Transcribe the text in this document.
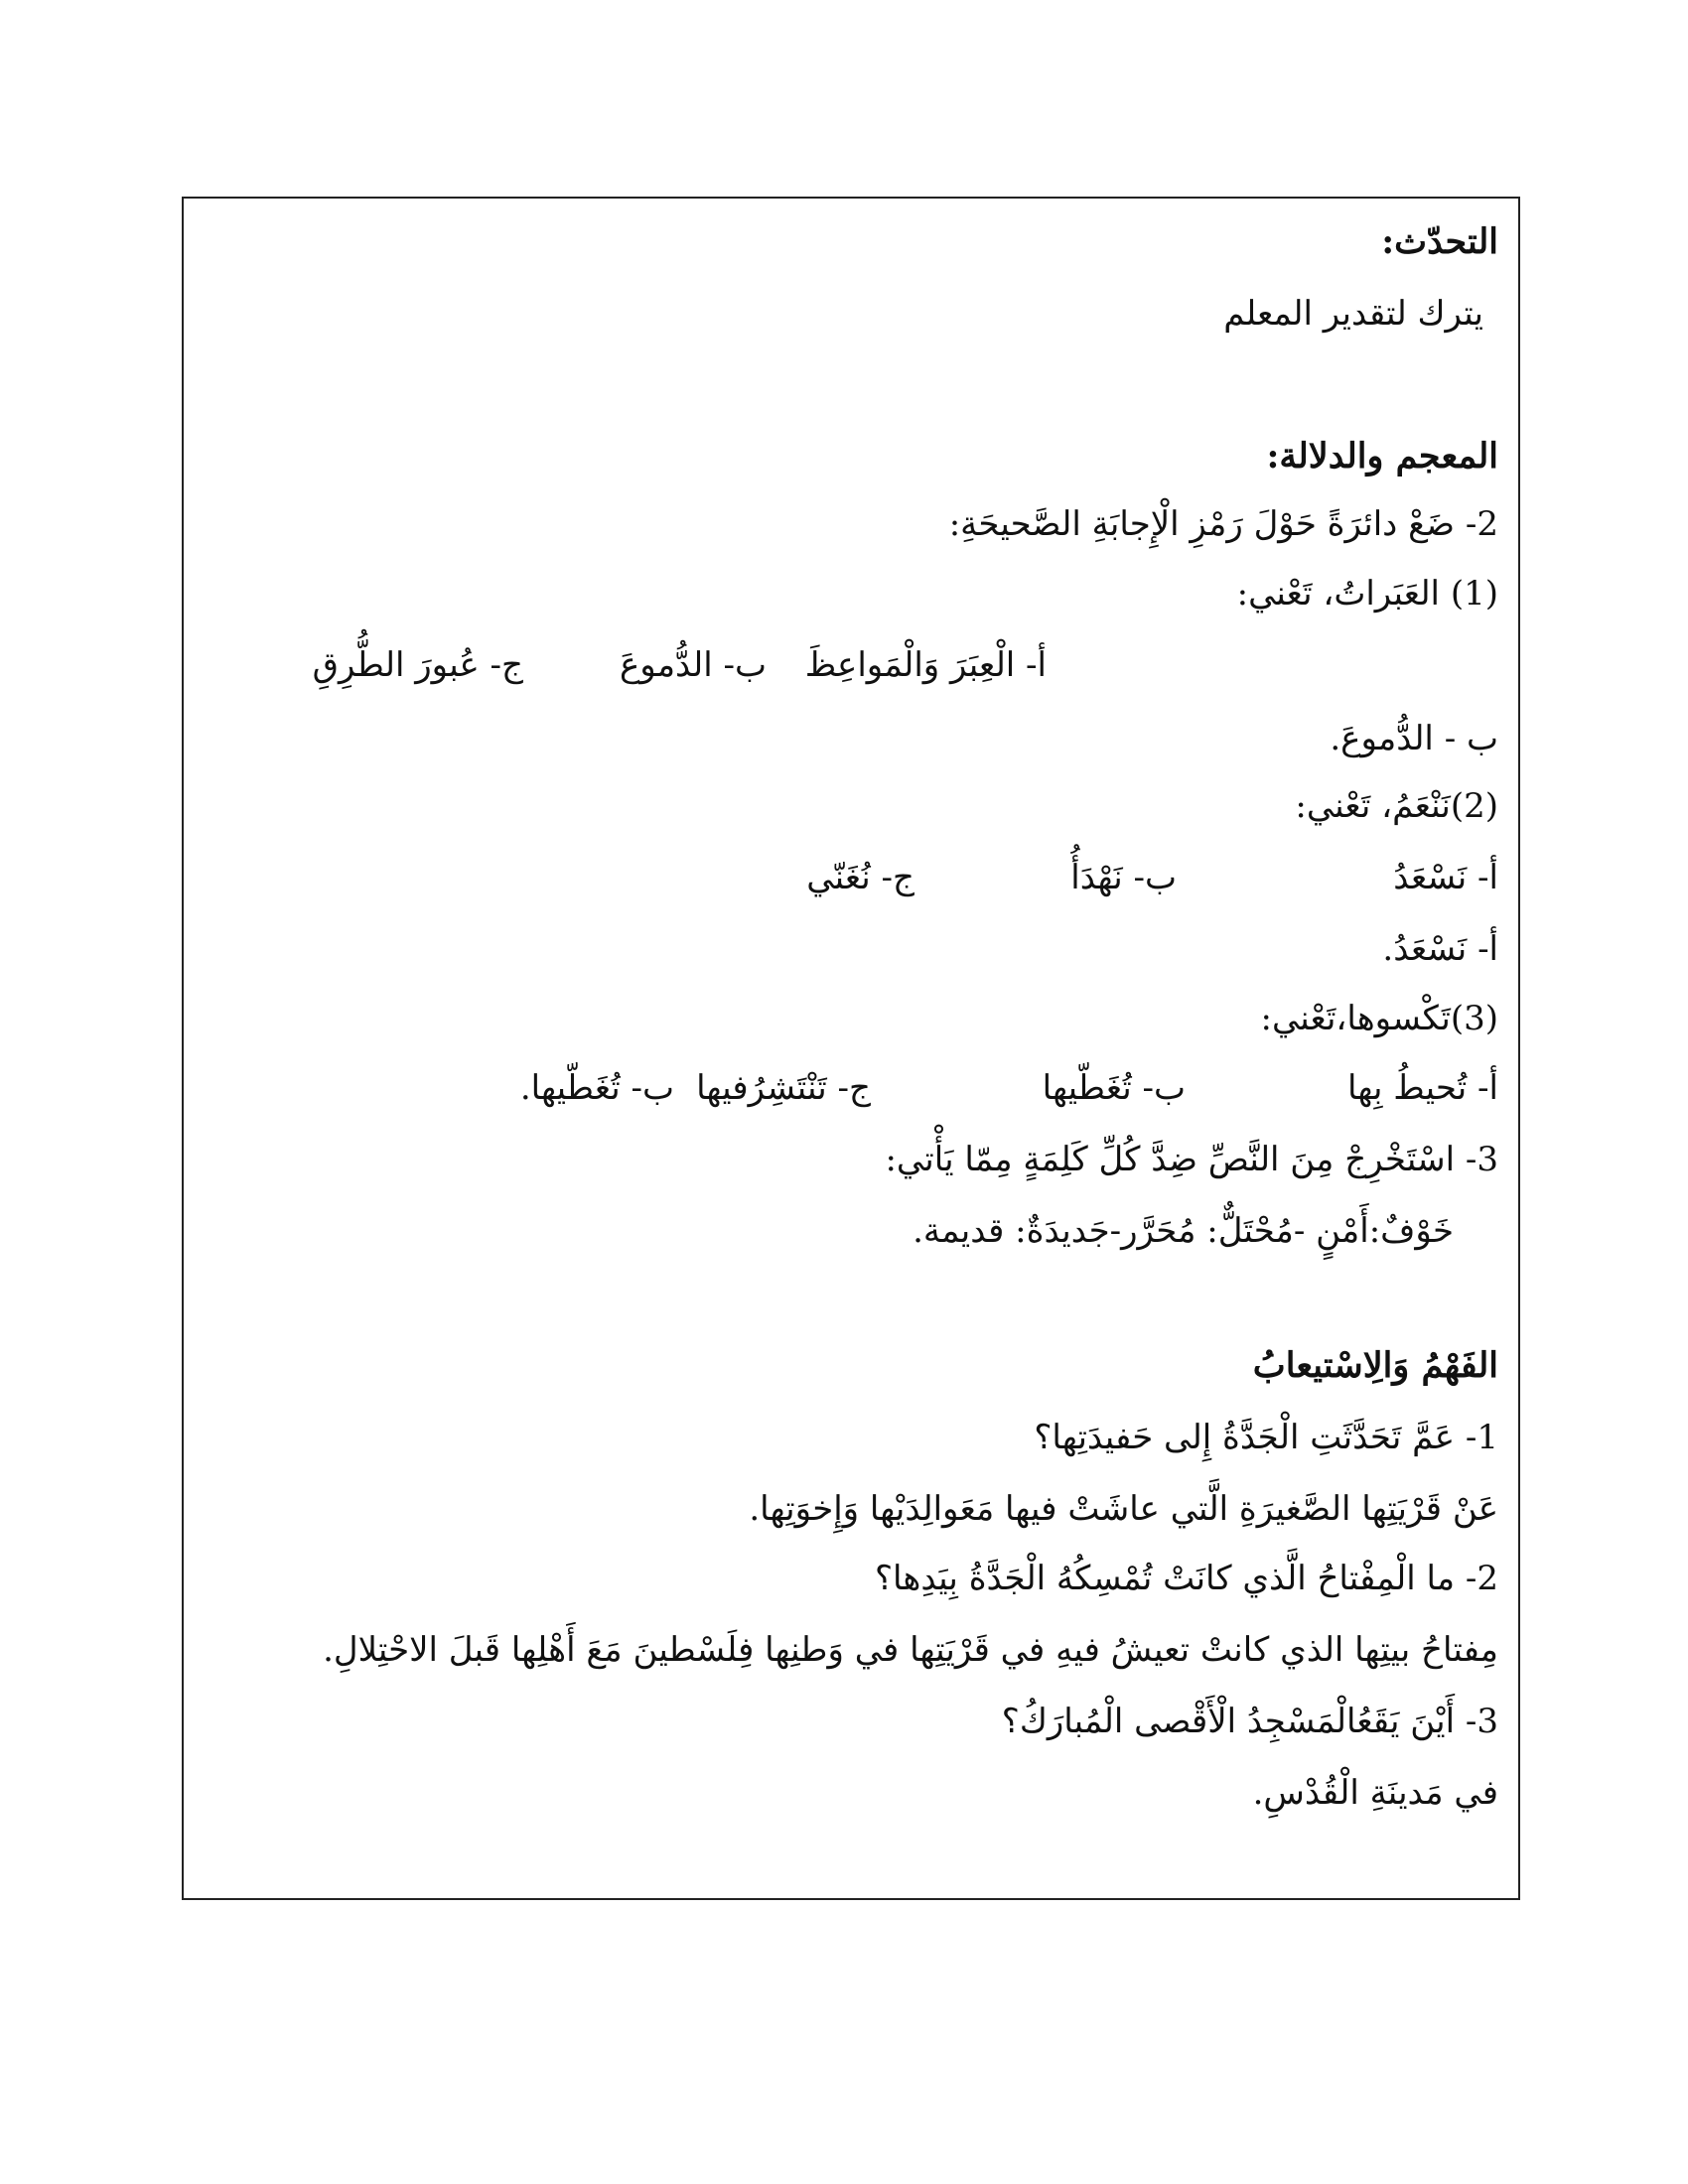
التحدّث:
يترك لتقدير المعلم
المعجم والدلالة:
2- ضَعْ دائرَةً حَوْلَ رَمْزِ الْإِجابَةِ الصَّحيحَةِ:
(1) العَبَراتُ، تَعْني:
أ- الْعِبَرَ وَالْمَواعِظَ
ب- الدُّموعَ
ج- عُبورَ الطُّرِقِ
ب - الدُّموعَ.
(2)نَنْعَمُ، تَعْني:
أ- نَسْعَدُ
ب- نَهْدَأُ
ج- نُغَنّي
أ- نَسْعَدُ.
(3)تَكْسوها،تَعْني:
أ- تُحيطُ بِها
ب- تُغَطّيها
ج- تَنْتَشِرُفيها
ب- تُغَطّيها.
3- اسْتَخْرِجْ مِنَ النَّصِّ ضِدَّ كُلِّ كَلِمَةٍ مِمّا يَأْتي:
خَوْفٌ:أَمْنٍ -مُحْتَلٌّ: مُحَرَّر-جَديدَةٌ: قديمة.
الفَهْمُ وَالِاسْتيعابُ
1- عَمَّ تَحَدَّثَتِ الْجَدَّةُ إِلى حَفيدَتِها؟
عَنْ قَرْيَتِها الصَّغيرَةِ الَّتي عاشَتْ فيها مَعَوالِدَيْها وَإِخوَتِها.
2- ما الْمِفْتاحُ الَّذي كانَتْ تُمْسِكُهُ الْجَدَّةُ بِيَدِها؟
مِفتاحُ بيتِها الذي كانتْ تعيشُ فيهِ في قَرْيَتِها في وَطنِها فِلَسْطينَ مَعَ أَهْلِها قَبلَ الاحْتِلالِ.
3- أَيْنَ يَقَعُالْمَسْجِدُ الْأَقْصى الْمُبارَكُ؟
في مَدينَةِ الْقُدْسِ.
